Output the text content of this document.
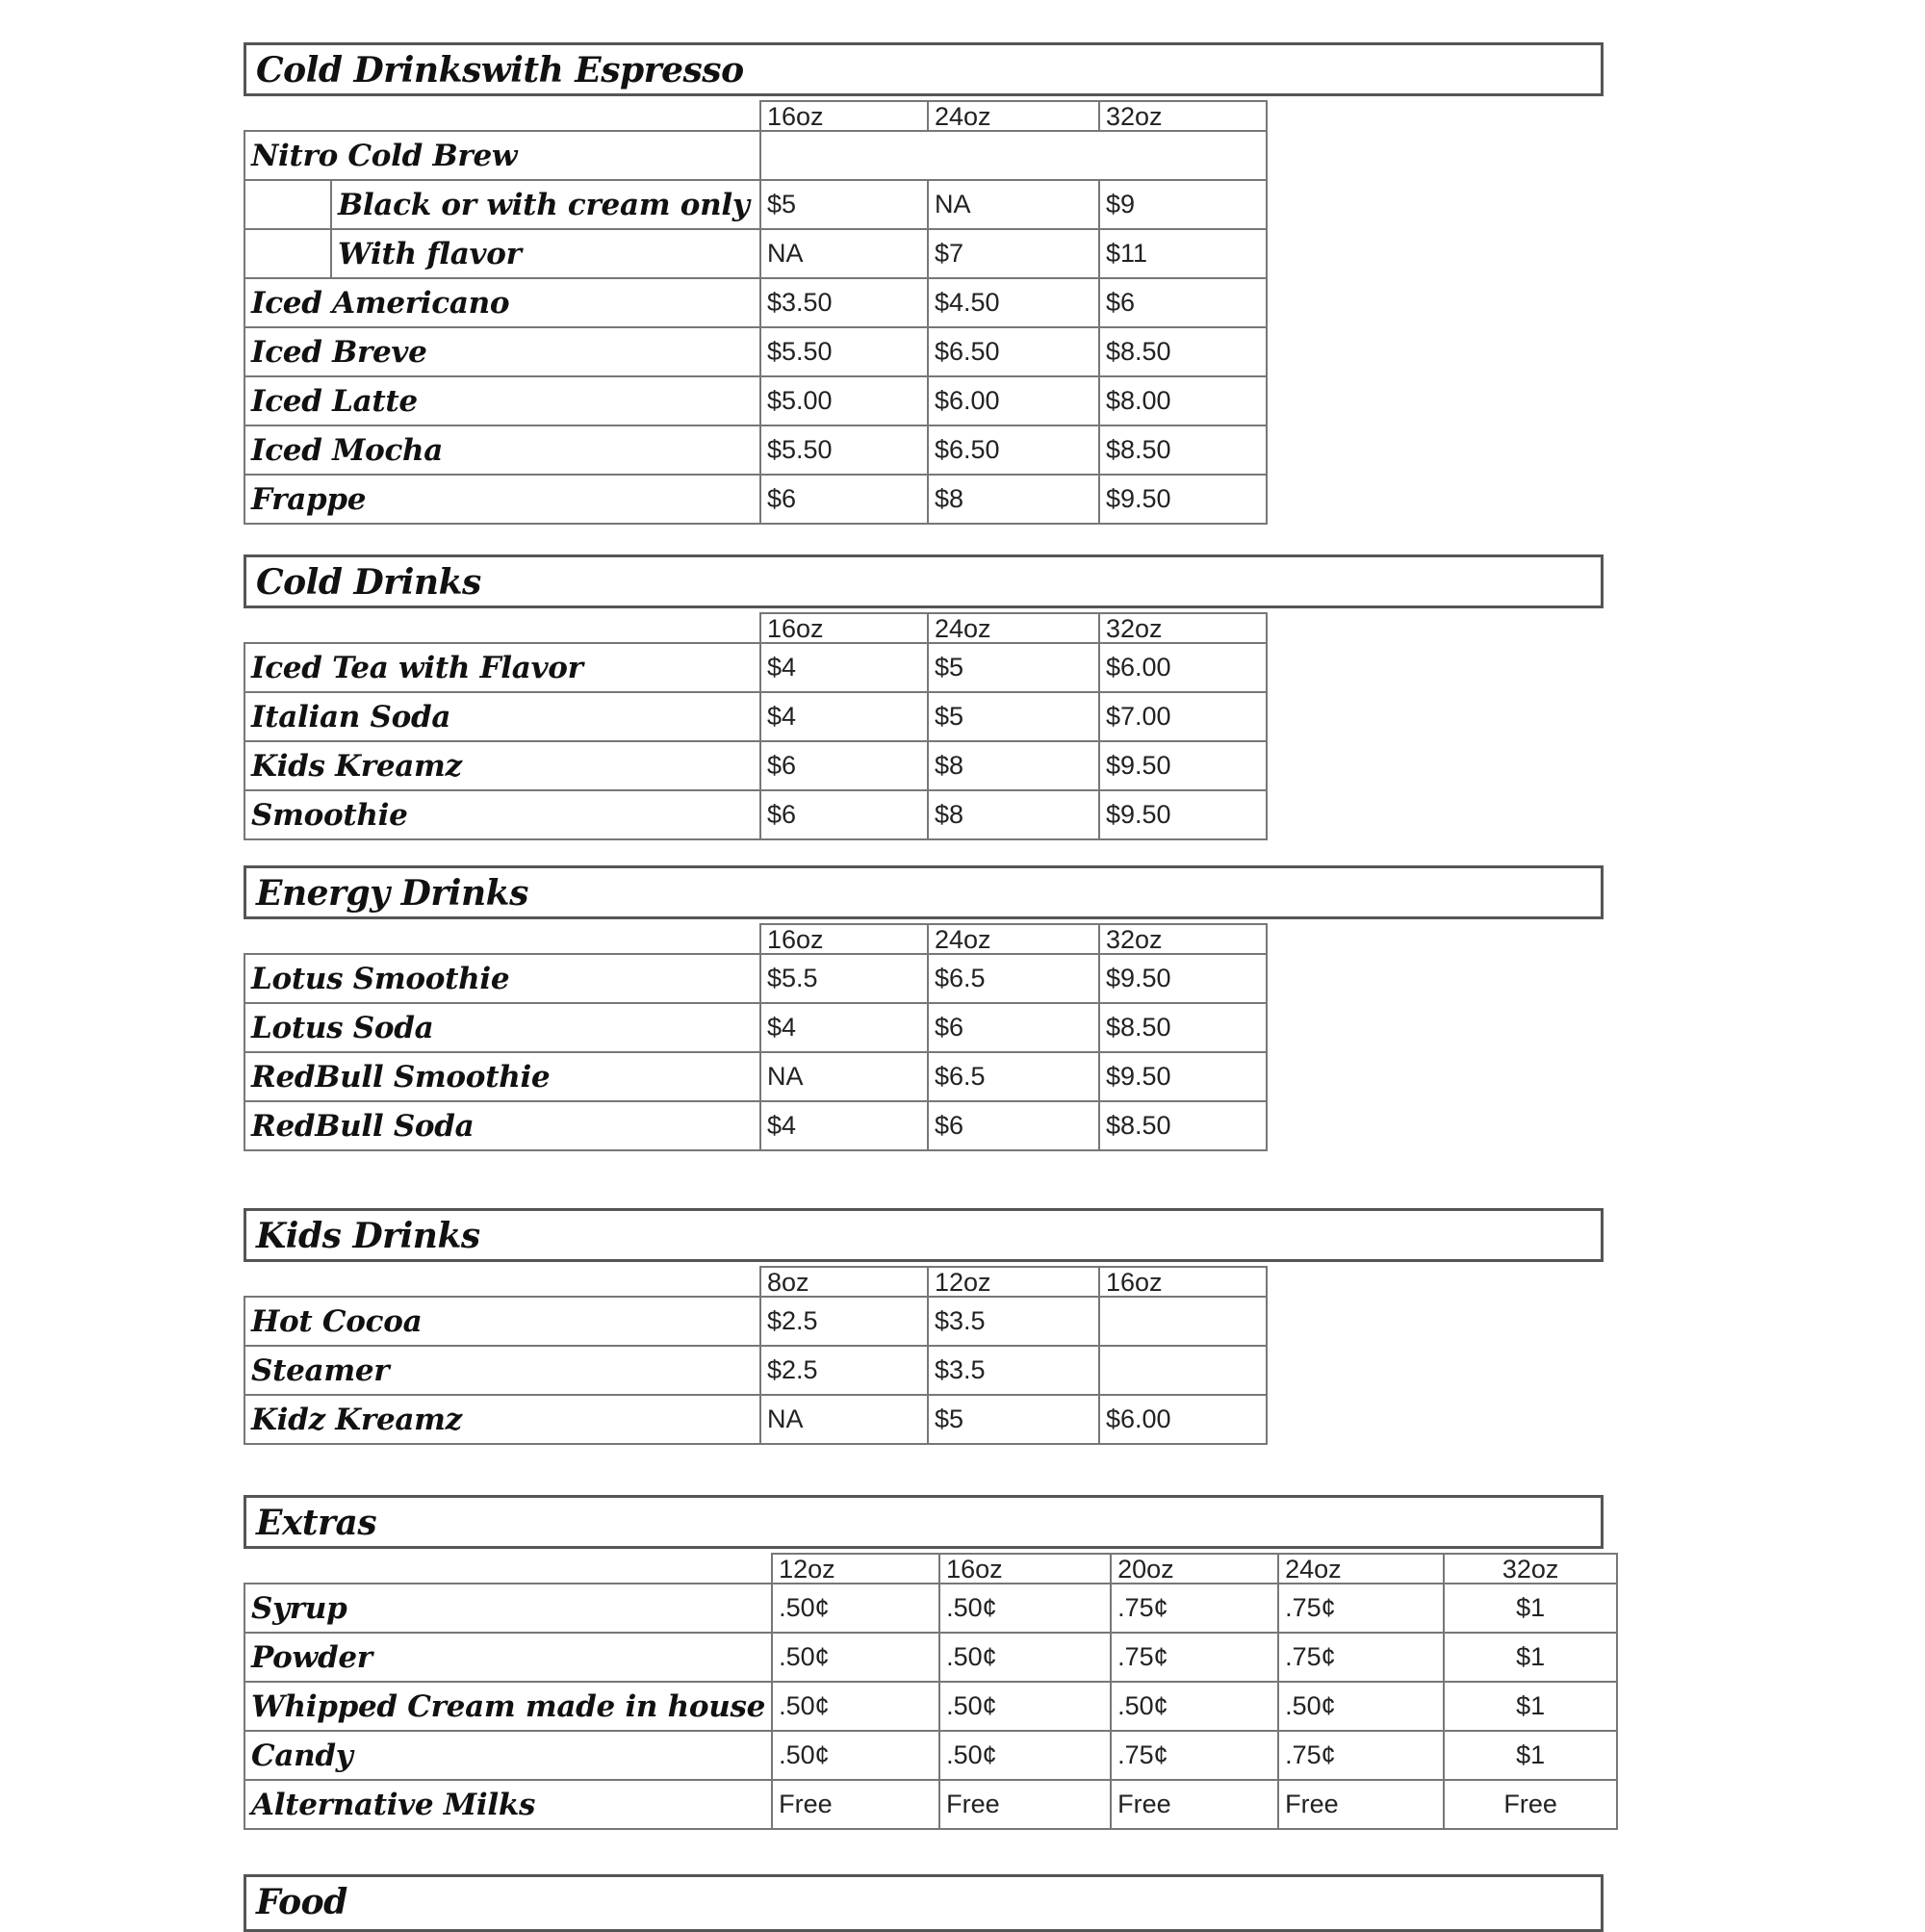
Cold Drinkswith Espresso
	16oz	24oz	32oz
Nitro Cold Brew			
Black or with cream only	$5	NA	$9
With flavor	NA	$7	$11
Iced Americano	$3.50	$4.50	$6
Iced Breve	$5.50	$6.50	$8.50
Iced Latte	$5.00	$6.00	$8.00
Iced Mocha	$5.50	$6.50	$8.50
Frappe	$6	$8	$9.50
Cold Drinks
	16oz	24oz	32oz
Iced Tea with Flavor	$4	$5	$6.00
Italian Soda	$4	$5	$7.00
Kids Kreamz	$6	$8	$9.50
Smoothie	$6	$8	$9.50
Energy Drinks
	16oz	24oz	32oz
Lotus Smoothie	$5.5	$6.5	$9.50
Lotus Soda	$4	$6	$8.50
RedBull Smoothie	NA	$6.5	$9.50
RedBull Soda	$4	$6	$8.50
Kids Drinks
	8oz	12oz	16oz
Hot Cocoa	$2.5	$3.5	
Steamer	$2.5	$3.5	
Kidz Kreamz	NA	$5	$6.00
Extras
	12oz	16oz	20oz	24oz	32oz
Syrup	.50¢	.50¢	.75¢	.75¢	$1
Powder	.50¢	.50¢	.75¢	.75¢	$1
Whipped Cream made in house	.50¢	.50¢	.50¢	.50¢	$1
Candy	.50¢	.50¢	.75¢	.75¢	$1
Alternative Milks	Free	Free	Free	Free	Free
Food
